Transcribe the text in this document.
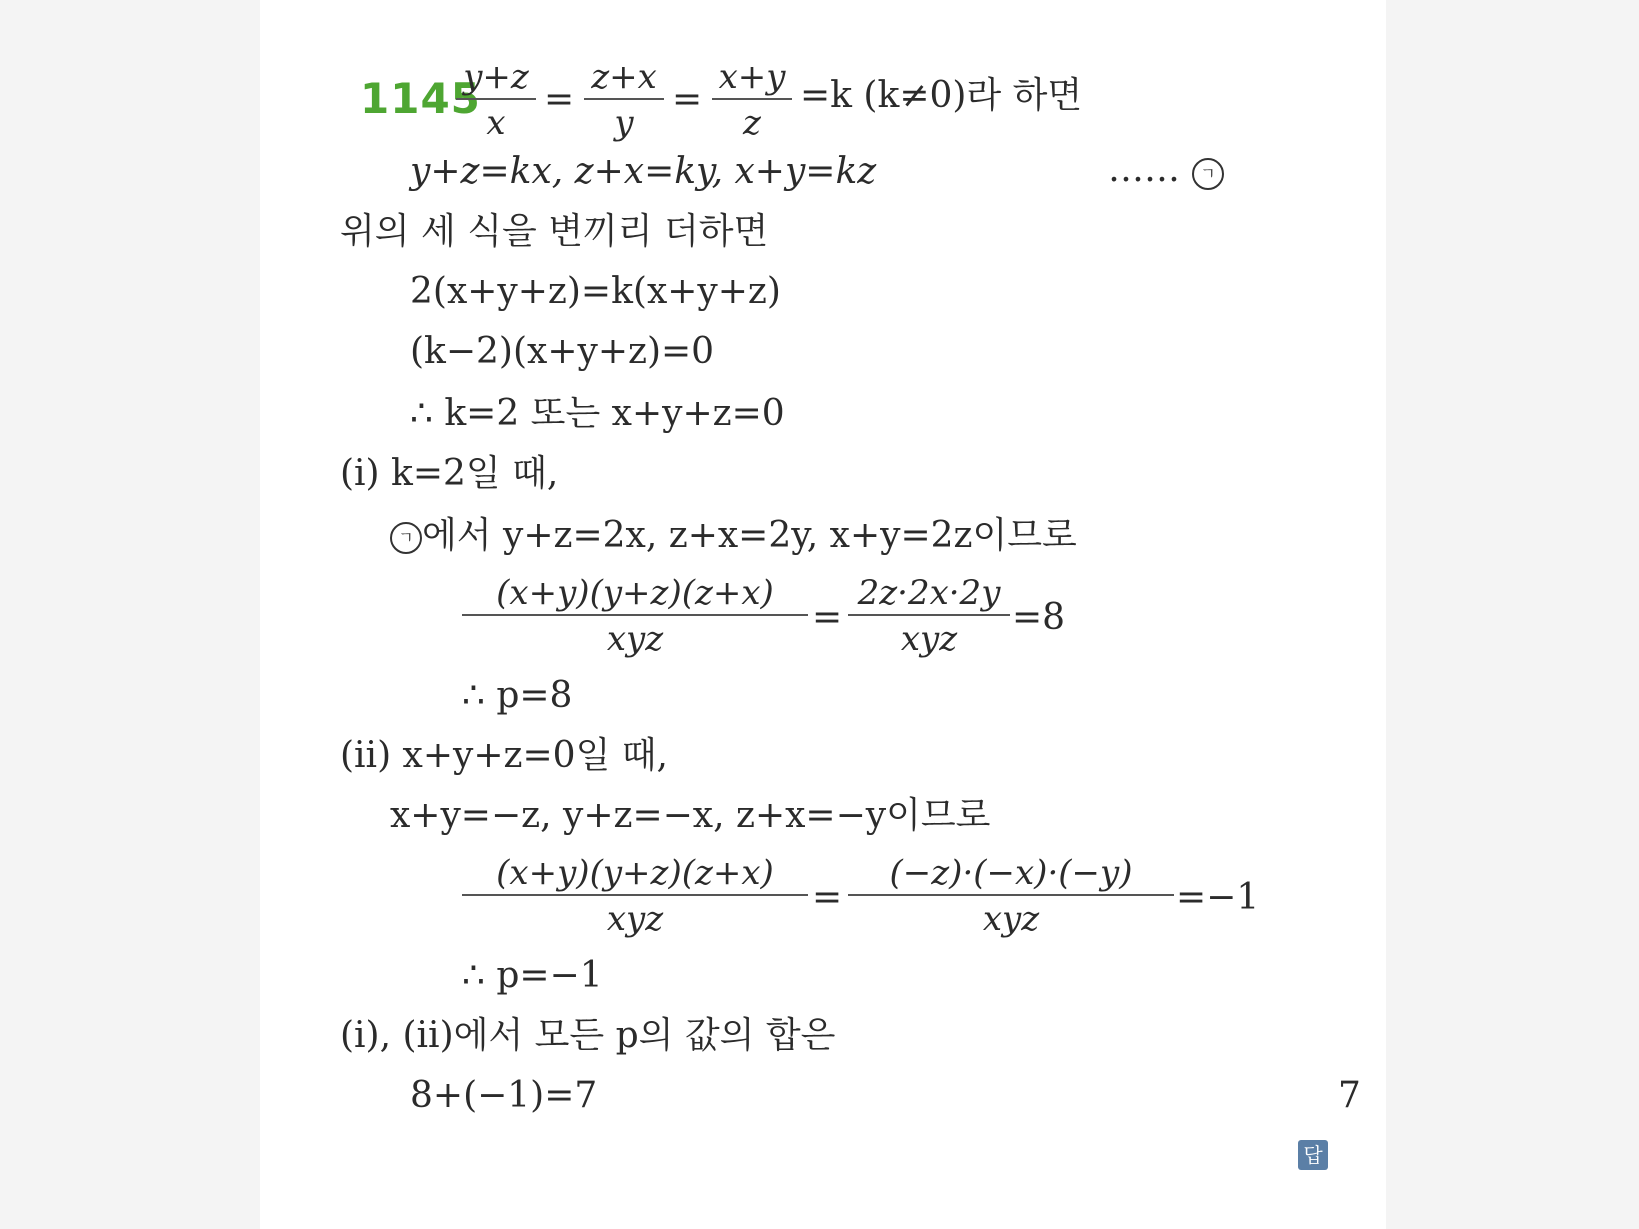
1145
$\frac{y+z}{x} = \frac{z+x}{y} = \frac{x+y}{z} =k$ (k≠0)라 하면
y+z=kx, z+x=ky, x+y=kz	……	ㄱ
위의 세 식을 변끼리 더하면
2(x+y+z)=k(x+y+z)
(k−2)(x+y+z)=0
∴ k=2 또는 x+y+z=0
(i) k=2일 때,
ㄱ 에서 y+z=2x, z+x=2y, x+y=2z이므로
(x+y)(y+z)(z+x)
xyz
=
2z·2x·2y
xyz
=8
∴ p=8
(ii) x+y+z=0일 때,
x+y=−z, y+z=−x, z+x=−y이므로
(x+y)(y+z)(z+x)
xyz
=
(−z)·(−x)·(−y)
xyz
=−1
∴ p=−1
(i), (ii)에서 모든 p의 값의 합은
8+(−1)=7
답
7
